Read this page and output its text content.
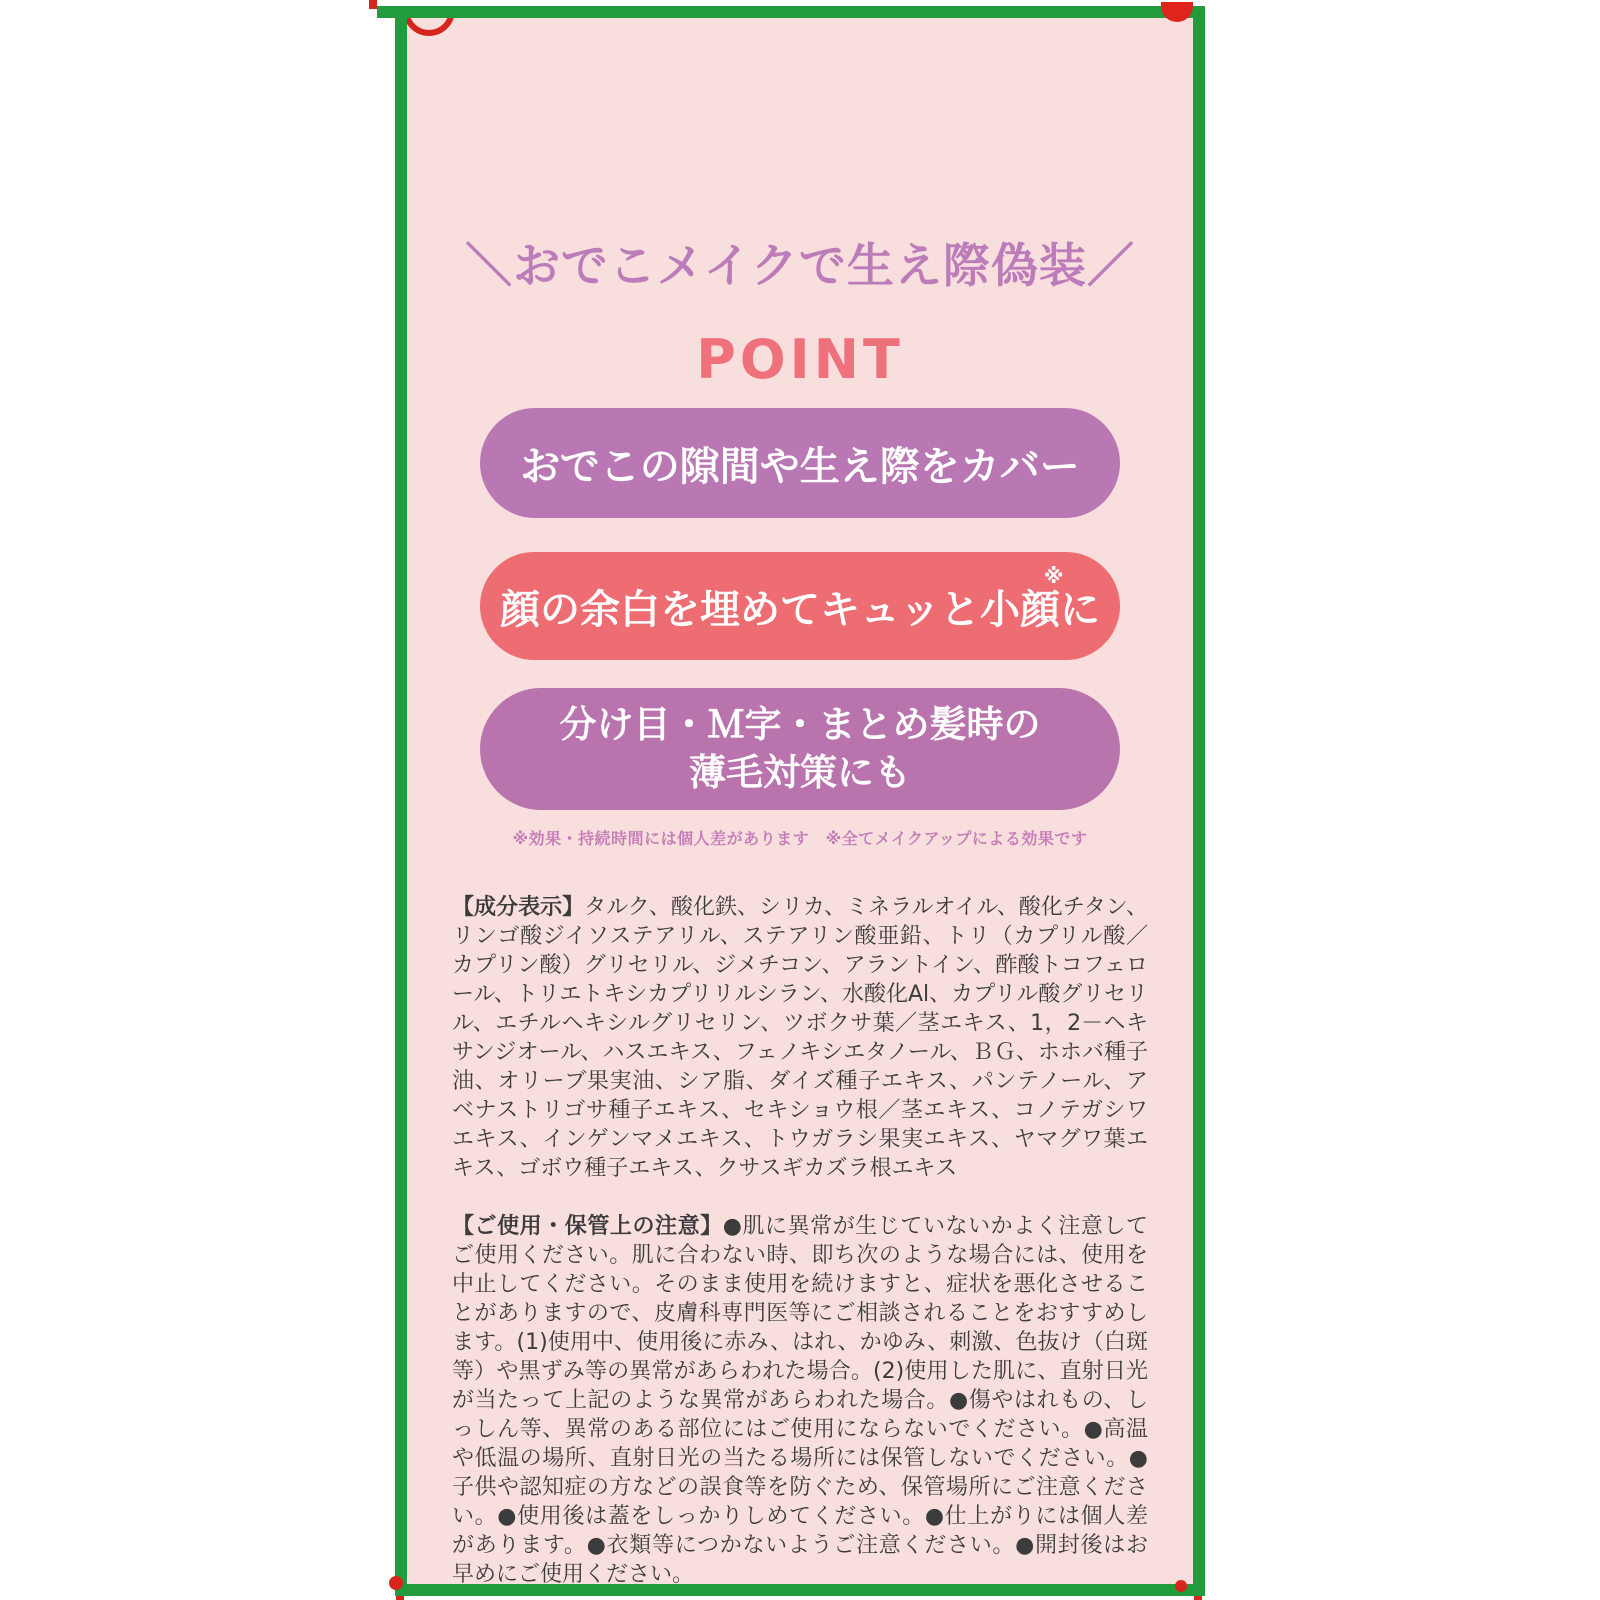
＼おでこメイクで生え際偽装／
POINT
おでこの隙間や生え際をカバー
顔の余白を埋めてキュッと小顔※に
分け目・Ｍ字・まとめ髪時の
薄毛対策にも
※効果・持続時間には個人差があります　※全てメイクアップによる効果です

【成分表示】タルク、酸化鉄、シリカ、ミネラルオイル、酸化チタン、リンゴ酸ジイソステアリル、ステアリン酸亜鉛、トリ（カプリル酸／カプリン酸）グリセリル、ジメチコン、アラントイン、酢酸トコフェロール、トリエトキシカプリリルシラン、水酸化Al、カプリル酸グリセリル、エチルヘキシルグリセリン、ツボクサ葉／茎エキス、1，2－ヘキサンジオール、ハスエキス、フェノキシエタノール、ＢＧ、ホホバ種子油、オリーブ果実油、シア脂、ダイズ種子エキス、パンテノール、アベナストリゴサ種子エキス、セキショウ根／茎エキス、コノテガシワエキス、インゲンマメエキス、トウガラシ果実エキス、ヤマグワ葉エキス、ゴボウ種子エキス、クサスギカズラ根エキス

【ご使用・保管上の注意】●肌に異常が生じていないかよく注意してご使用ください。肌に合わない時、即ち次のような場合には、使用を中止してください。そのまま使用を続けますと、症状を悪化させることがありますので、皮膚科専門医等にご相談されることをおすすめします。(1)使用中、使用後に赤み、はれ、かゆみ、刺激、色抜け（白斑等）や黒ずみ等の異常があらわれた場合。(2)使用した肌に、直射日光が当たって上記のような異常があらわれた場合。●傷やはれもの、しっしん等、異常のある部位にはご使用にならないでください。●高温や低温の場所、直射日光の当たる場所には保管しないでください。●子供や認知症の方などの誤食等を防ぐため、保管場所にご注意ください。●使用後は蓋をしっかりしめてください。●仕上がりには個人差があります。●衣類等につかないようご注意ください。●開封後はお早めにご使用ください。
